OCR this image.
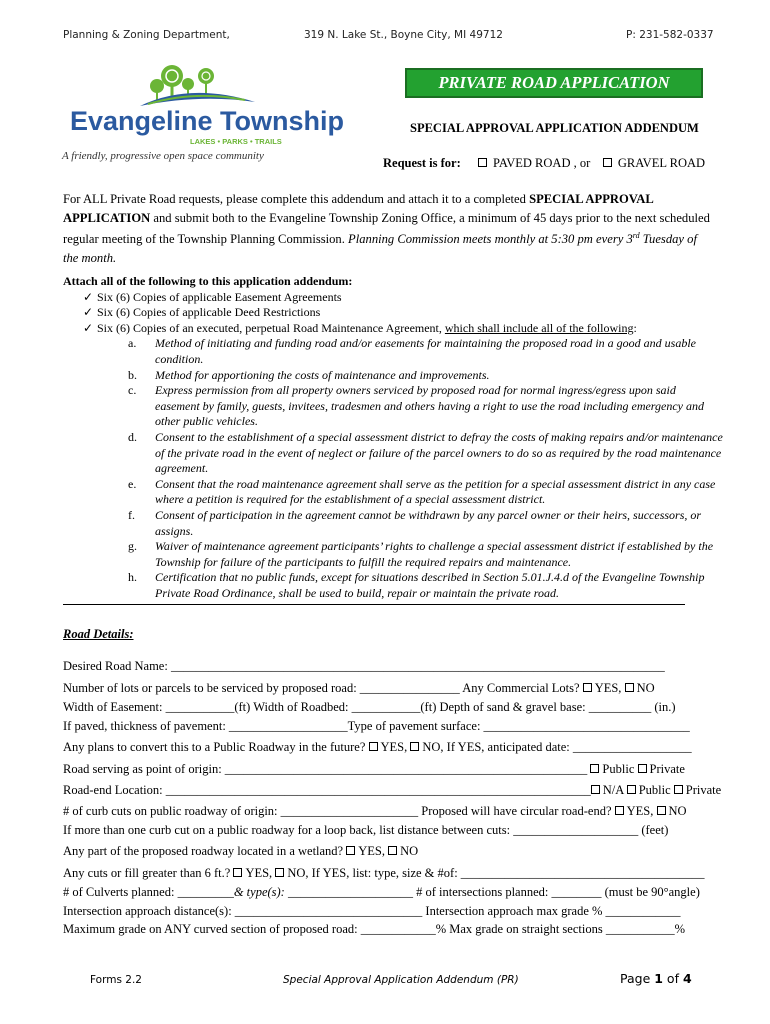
Planning & Zoning Department,	319 N. Lake St., Boyne City, MI 49712	P: 231-582-0337
Evangeline Township
LAKES • PARKS • TRAILS
A friendly, progressive open space community
PRIVATE ROAD APPLICATION
SPECIAL APPROVAL APPLICATION ADDENDUM
Request is for:	PAVED ROAD , or GRAVEL ROAD
For ALL Private Road requests, please complete this addendum and attach it to a completed SPECIAL APPROVAL APPLICATION and submit both to the Evangeline Township Zoning Office, a minimum of 45 days prior to the next scheduled regular meeting of the Township Planning Commission. Planning Commission meets monthly at 5:30 pm every 3rd Tuesday of the month.
Attach all of the following to this application addendum:
✓ Six (6) Copies of applicable Easement Agreements
✓ Six (6) Copies of applicable Deed Restrictions
✓ Six (6) Copies of an executed, perpetual Road Maintenance Agreement, which shall include all of the following:
a. Method of initiating and funding road and/or easements for maintaining the proposed road in a good and usable condition.
b. Method for apportioning the costs of maintenance and improvements.
c. Express permission from all property owners serviced by proposed road for normal ingress/egress upon said easement by family, guests, invitees, tradesmen and others having a right to use the road including emergency and other public vehicles.
d. Consent to the establishment of a special assessment district to defray the costs of making repairs and/or maintenance of the private road in the event of neglect or failure of the parcel owners to do so as required by the road maintenance agreement.
e. Consent that the road maintenance agreement shall serve as the petition for a special assessment district in any case where a petition is required for the establishment of a special assessment district.
f. Consent of participation in the agreement cannot be withdrawn by any parcel owner or their heirs, successors, or assigns.
g. Waiver of maintenance agreement participants’ rights to challenge a special assessment district if established by the Township for failure of the participants to fulfill the required repairs and maintenance.
h. Certification that no public funds, except for situations described in Section 5.01.J.4.d of the Evangeline Township Private Road Ordinance, shall be used to build, repair or maintain the private road.
Road Details:
Desired Road Name: _______________________________________________________________________________
Number of lots or parcels to be serviced by proposed road: ________________ Any Commercial Lots? YES, NO
Width of Easement: ___________(ft) Width of Roadbed: ___________(ft) Depth of sand & gravel base: __________ (in.)
If paved, thickness of pavement: ___________________Type of pavement surface: _________________________________
Any plans to convert this to a Public Roadway in the future? YES, NO, If YES, anticipated date: ___________________
Road serving as point of origin: __________________________________________________________ Public Private
Road-end Location: ____________________________________________________________________ N/A Public Private
# of curb cuts on public roadway of origin: ______________________ Proposed will have circular road-end? YES, NO
If more than one curb cut on a public roadway for a loop back, list distance between cuts: ____________________ (feet)
Any part of the proposed roadway located in a wetland? YES, NO
Any cuts or fill greater than 6 ft.? YES, NO, If YES, list: type, size & #of: _______________________________________
# of Culverts planned: _________& type(s): ____________________ # of intersections planned: ________ (must be 90°angle)
Intersection approach distance(s): ______________________________ Intersection approach max grade % ____________
Maximum grade on ANY curved section of proposed road: ____________% Max grade on straight sections ___________%
Forms 2.2	Special Approval Application Addendum (PR)	Page 1 of 4
